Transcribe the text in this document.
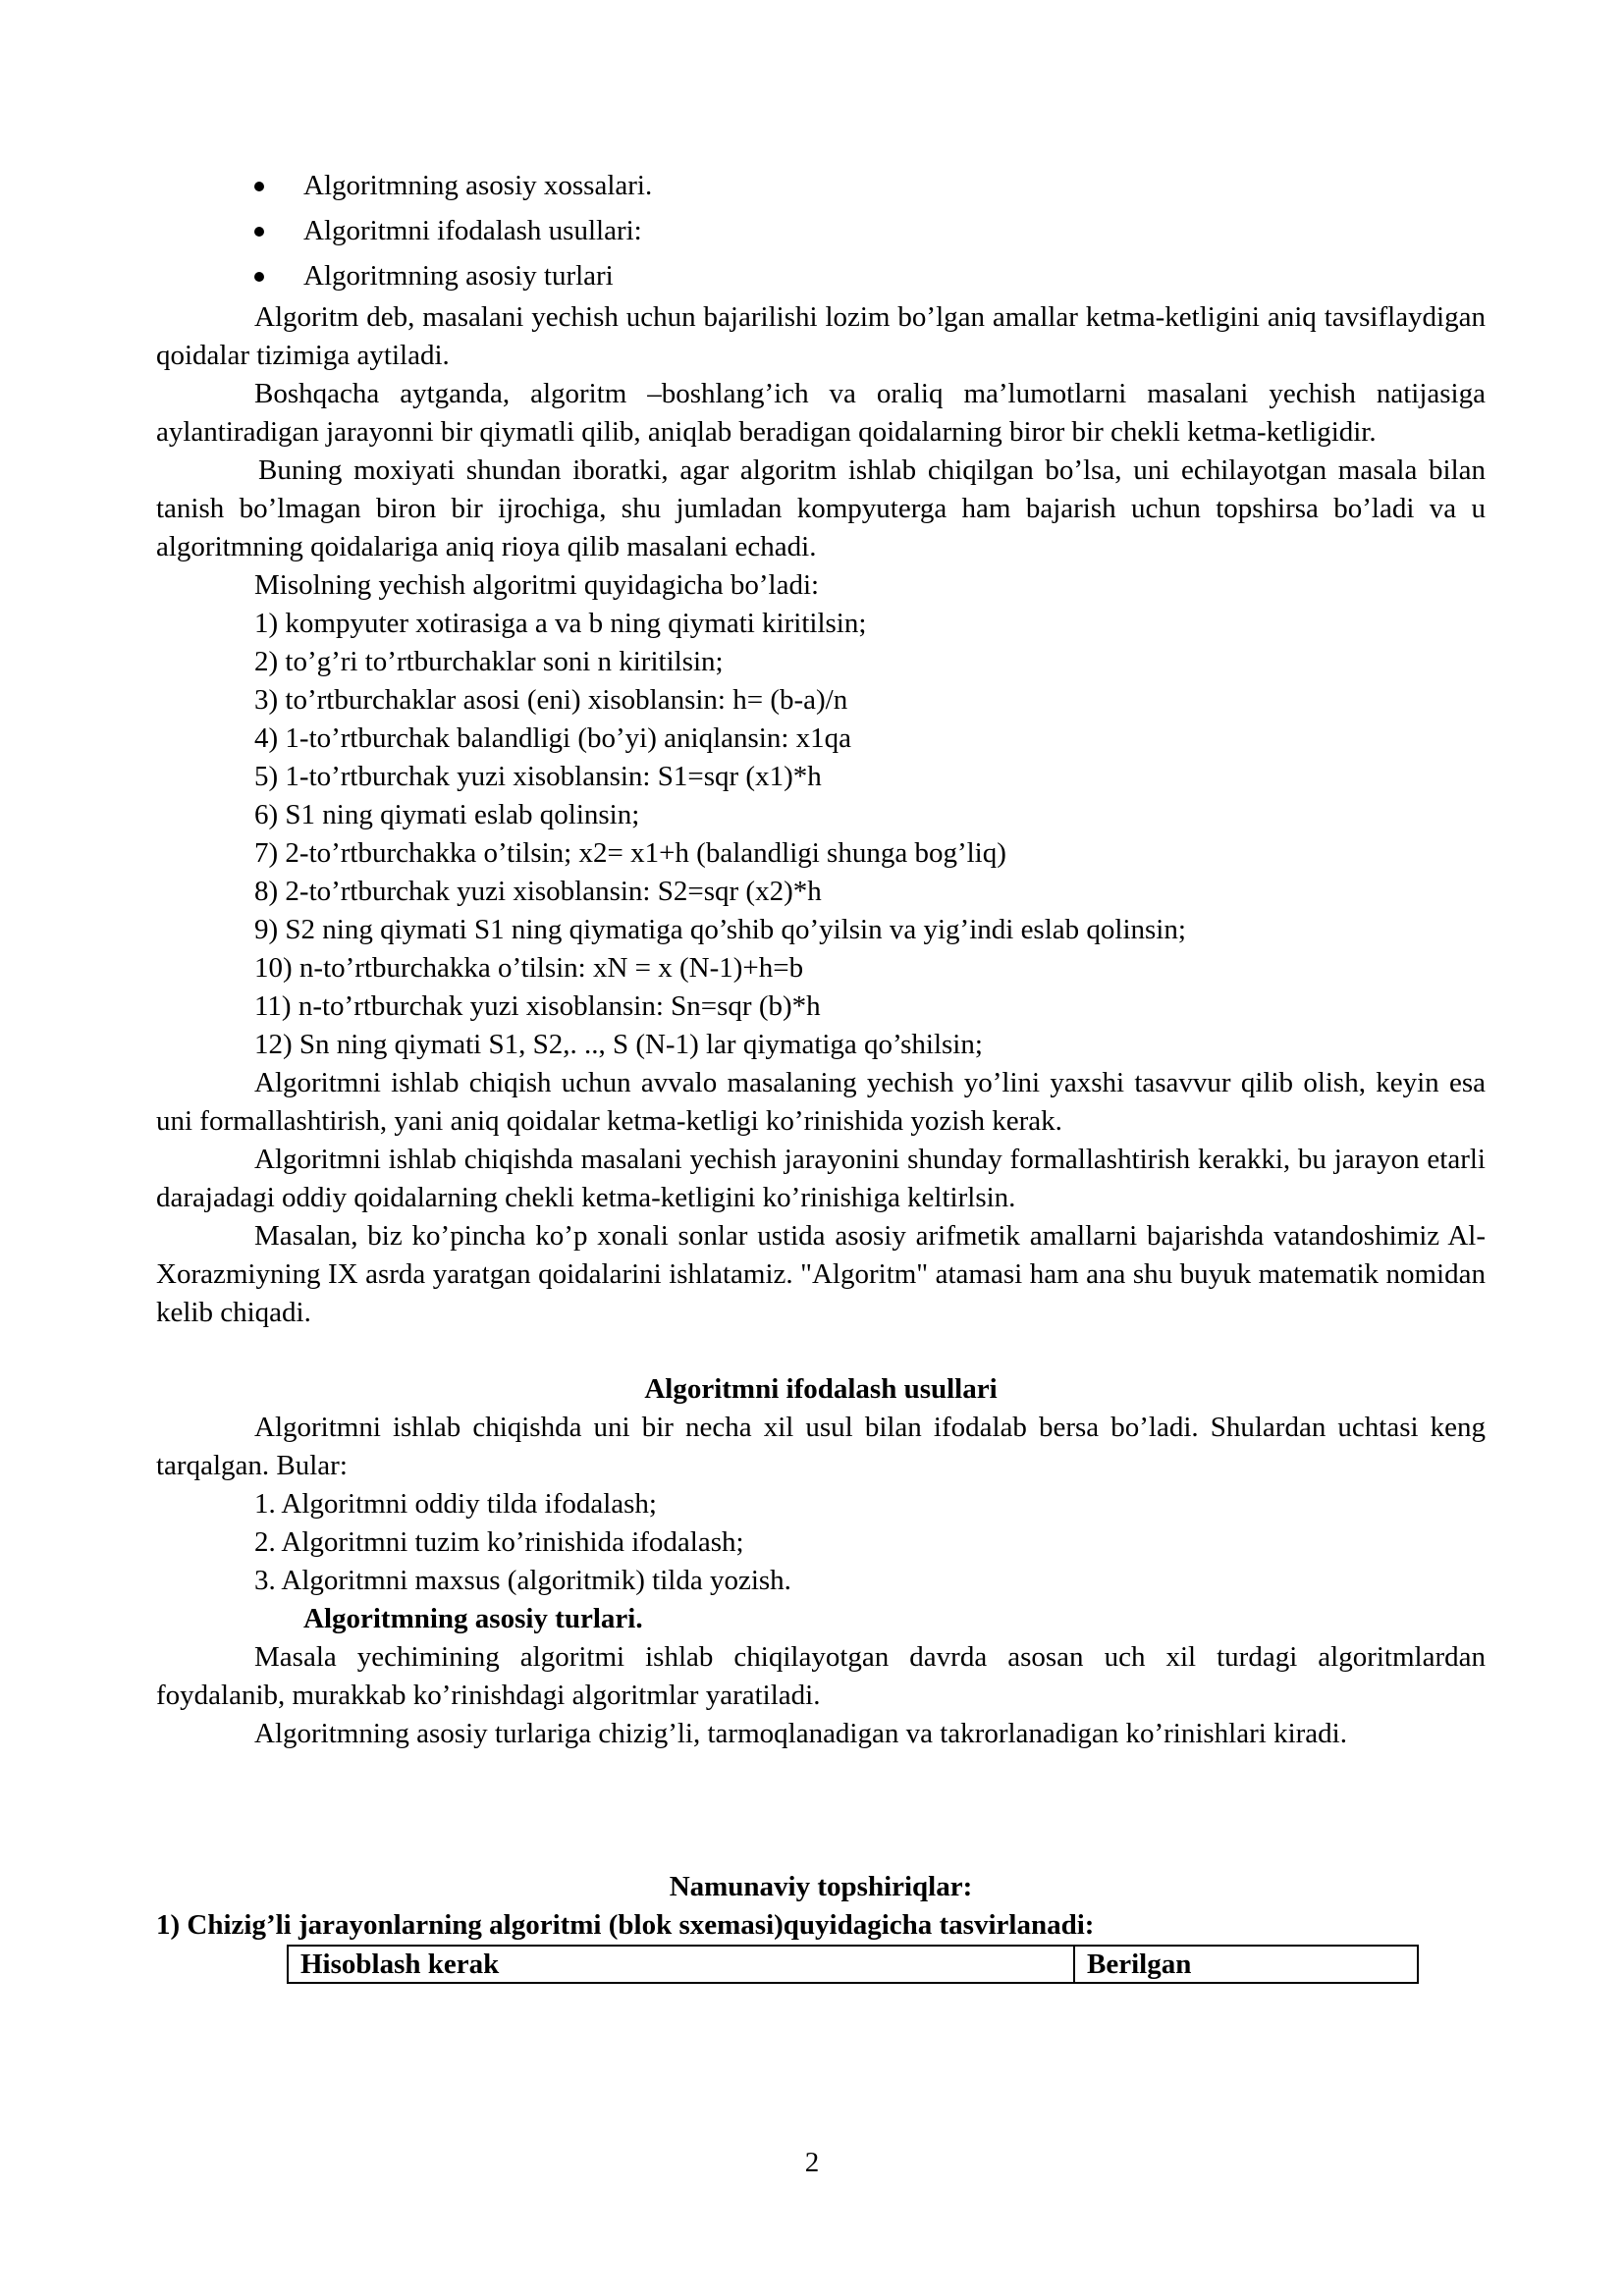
Algoritmning asosiy xossalari.
Algoritmni ifodalash usullari:
Algoritmning asosiy turlari

Algoritm deb, masalani yechish uchun bajarilishi lozim bo’lgan amallar ketma-ketligini aniq tavsiflaydigan qoidalar tizimiga aytiladi.

Boshqacha aytganda, algoritm –boshlang’ich va oraliq ma’lumotlarni masalani yechish natijasiga aylantiradigan jarayonni bir qiymatli qilib, aniqlab beradigan qoidalarning biror bir chekli ketma-ketligidir.

Buning moxiyati shundan iboratki, agar algoritm ishlab chiqilgan bo’lsa, uni echilayotgan masala bilan tanish bo’lmagan biron bir ijrochiga, shu jumladan kompyuterga ham bajarish uchun topshirsa bo’ladi va u algoritmning qoidalariga aniq rioya qilib masalani echadi.

Misolning yechish algoritmi quyidagicha bo’ladi:

1) kompyuter xotirasiga a va b ning qiymati kiritilsin;

2) to’g’ri to’rtburchaklar soni n kiritilsin;

3) to’rtburchaklar asosi (eni) xisoblansin: h= (b-a)/n

4) 1-to’rtburchak balandligi (bo’yi) aniqlansin: x1qa

5) 1-to’rtburchak yuzi xisoblansin: S1=sqr (x1)*h

6) S1 ning qiymati eslab qolinsin;

7) 2-to’rtburchakka o’tilsin; x2= x1+h (balandligi shunga bog’liq)

8) 2-to’rtburchak yuzi xisoblansin: S2=sqr (x2)*h

9) S2 ning qiymati S1 ning qiymatiga qo’shib qo’yilsin va yig’indi eslab qolinsin;

10) n-to’rtburchakka o’tilsin: xN = x (N-1)+h=b

11) n-to’rtburchak yuzi xisoblansin: Sn=sqr (b)*h

12) Sn ning qiymati S1, S2,. .., S (N-1) lar qiymatiga qo’shilsin;

Algoritmni ishlab chiqish uchun avvalo masalaning yechish yo’lini yaxshi tasavvur qilib olish, keyin esa uni formallashtirish, yani aniq qoidalar ketma-ketligi ko’rinishida yozish kerak.

Algoritmni ishlab chiqishda masalani yechish jarayonini shunday formallashtirish kerakki, bu jarayon etarli darajadagi oddiy qoidalarning chekli ketma-ketligini ko’rinishiga keltirlsin.

Masalan, biz ko’pincha ko’p xonali sonlar ustida asosiy arifmetik amallarni bajarishda vatandoshimiz Al-Xorazmiyning IX asrda yaratgan qoidalarini ishlatamiz. "Algoritm" atamasi ham ana shu buyuk matematik nomidan kelib chiqadi.

Algoritmni ifodalash usullari

Algoritmni ishlab chiqishda uni bir necha xil usul bilan ifodalab bersa bo’ladi. Shulardan uchtasi keng tarqalgan. Bular:

1. Algoritmni oddiy tilda ifodalash;

2. Algoritmni tuzim ko’rinishida ifodalash;

3. Algoritmni maxsus (algoritmik) tilda yozish.

Algoritmning asosiy turlari.

Masala yechimining algoritmi ishlab chiqilayotgan davrda asosan uch xil turdagi algoritmlardan foydalanib, murakkab ko’rinishdagi algoritmlar yaratiladi.

Algoritmning asosiy turlariga chizig’li, tarmoqlanadigan va takrorlanadigan ko’rinishlari kiradi.

Namunaviy topshiriqlar:

1) Chizig’li jarayonlarning algoritmi (blok sxemasi)quyidagicha tasvirlanadi:

Hisoblash kerak	Berilgan
2
